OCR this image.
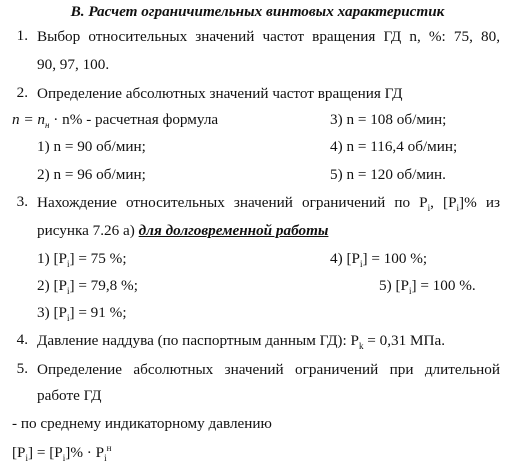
В. Расчет ограничительных винтовых характеристик
1. Выбор относительных значений частот вращения ГД n, %: 75, 80,
90, 97, 100.
2. Определение абсолютных значений частот вращения ГД
$n = n_н \cdot n\%$ - расчетная формула	3) n = 108 об/мин;
1) n = 90 об/мин;	4) n = 116,4 об/мин;
2) n = 96 об/мин;	5) n = 120 об/мин.
3. Нахождение относительных значений ограничений по $P_i$, $[P_i]\%$ из
рисунка 7.26 а) для долговременной работы
1) $[P_i] = 75$ %;	4) $[P_i] = 100$ %;
2) $[P_i] = 79,8$ %;	5) $[P_i] = 100$ %.
3) $[P_i] = 91$ %;
4. Давление наддува (по паспортным данным ГД): $P_k = 0,31$ МПа.
5. Определение абсолютных значений ограничений при длительной
работе ГД
- по среднему индикаторному давлению
$[P_i] = [P_i]\% \cdot P_i^н$
